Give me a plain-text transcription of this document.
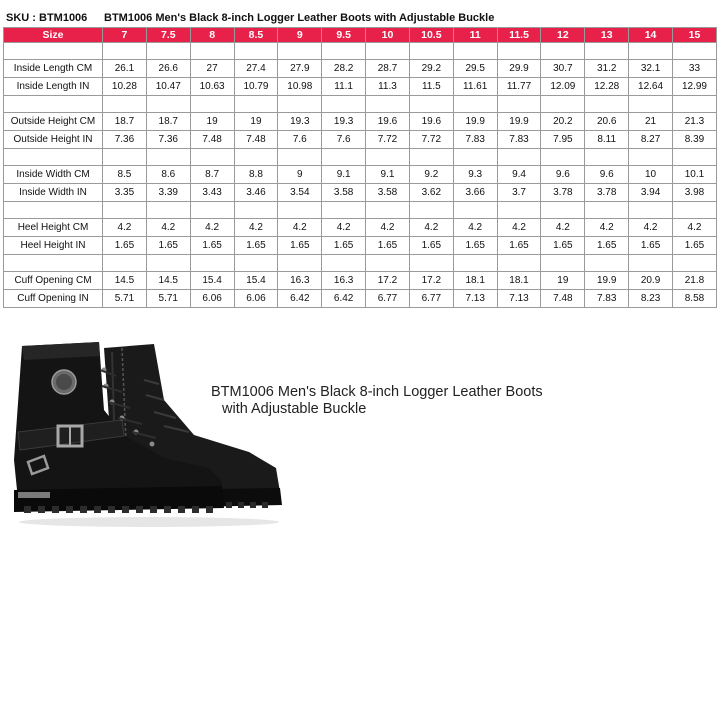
SKU : BTM1006 BTM1006 Men's Black 8-inch Logger Leather Boots with Adjustable Buckle
Size	7	7.5	8	8.5	9	9.5	10	10.5	11	11.5	12	13	14	15

Inside Length CM	26.1	26.6	27	27.4	27.9	28.2	28.7	29.2	29.5	29.9	30.7	31.2	32.1	33
Inside Length IN	10.28	10.47	10.63	10.79	10.98	11.1	11.3	11.5	11.61	11.77	12.09	12.28	12.64	12.99

Outside Height CM	18.7	18.7	19	19	19.3	19.3	19.6	19.6	19.9	19.9	20.2	20.6	21	21.3
Outside Height IN	7.36	7.36	7.48	7.48	7.6	7.6	7.72	7.72	7.83	7.83	7.95	8.11	8.27	8.39

Inside Width CM	8.5	8.6	8.7	8.8	9	9.1	9.1	9.2	9.3	9.4	9.6	9.6	10	10.1
Inside Width IN	3.35	3.39	3.43	3.46	3.54	3.58	3.58	3.62	3.66	3.7	3.78	3.78	3.94	3.98

Heel Height CM	4.2	4.2	4.2	4.2	4.2	4.2	4.2	4.2	4.2	4.2	4.2	4.2	4.2	4.2
Heel Height IN	1.65	1.65	1.65	1.65	1.65	1.65	1.65	1.65	1.65	1.65	1.65	1.65	1.65	1.65

Cuff Opening CM	14.5	14.5	15.4	15.4	16.3	16.3	17.2	17.2	18.1	18.1	19	19.9	20.9	21.8
Cuff Opening IN	5.71	5.71	6.06	6.06	6.42	6.42	6.77	6.77	7.13	7.13	7.48	7.83	8.23	8.58
BTM1006 Men's Black 8-inch Logger Leather Boots
with Adjustable Buckle
